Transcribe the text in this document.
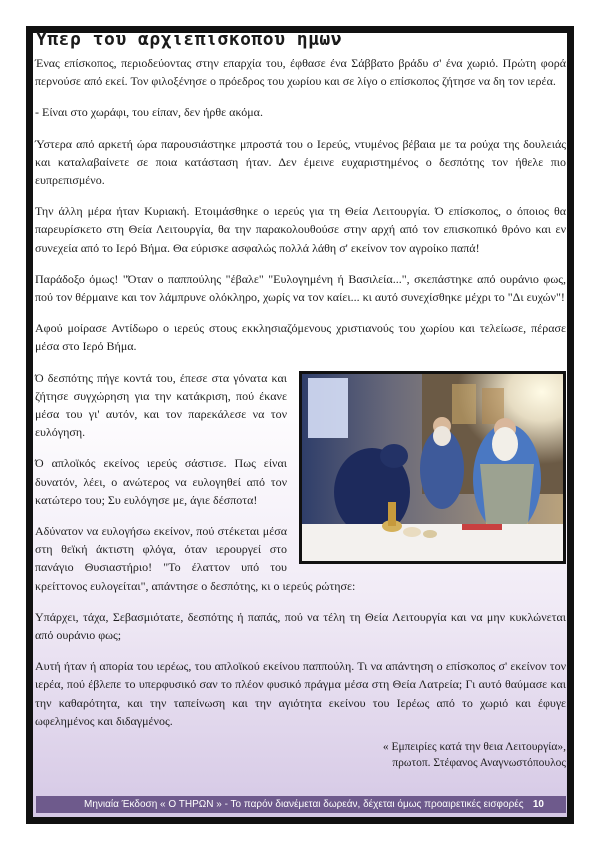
Υπερ του αρχιεπισκοπου ημων

Ένας επίσκοπος, περιοδεύοντας στην επαρχία του, έφθασε ένα Σάββατο βράδυ σ' ένα χωριό. Πρώτη φορά περνούσε από εκεί. Τον φιλοξένησε ο πρόεδρος του χωρίου και σε λίγο ο επίσκοπος ζήτησε να δη τον ιερέα.

- Είναι στο χωράφι, του είπαν, δεν ήρθε ακόμα.

Ύστερα από αρκετή ώρα παρουσιάστηκε μπροστά του ο Ιερεύς, ντυμένος βέβαια με τα ρούχα της δουλειάς και καταλαβαίνετε σε ποια κατάσταση ήταν. Δεν έμεινε ευχαριστημένος ο δεσπότης τον ήθελε πιο ευπρεπισμένο.

Την άλλη μέρα ήταν Κυριακή. Ετοιμάσθηκε ο ιερεύς για τη Θεία Λειτουργία. Ό επίσκοπος, ο όποιος θα παρευρίσκετο στη Θεία Λειτουργία, θα την παρακολουθούσε στην αρχή από τον επισκοπικό θρόνο και εν συνεχεία από το Ιερό Βήμα. Θα εύρισκε ασφαλώς πολλά λάθη σ' εκείνον τον αγροίκο παπά!

Παράδοξο όμως! "Όταν ο παππούλης "έβαλε" "Ευλογημένη ή Βασιλεία...", σκεπάστηκε από ουράνιο φως, πού τον θέρμαινε και τον λάμπρυνε ολόκληρο, χωρίς να τον καίει... κι αυτό συνεχίσθηκε μέχρι το "Δι ευχών"!

Αφού μοίρασε Αντίδωρο ο ιερεύς στους εκκλησιαζόμενους χριστιανούς του χωρίου και τελείωσε, πέρασε μέσα στο Ιερό Βήμα.

Ό δεσπότης πήγε κοντά του, έπεσε στα γόνατα και ζήτησε συγχώρηση για την κατάκριση, πού έκανε μέσα του γι' αυτόν, και τον παρεκάλεσε να τον ευλόγηση.

Ό απλοϊκός εκείνος ιερεύς σάστισε. Πως είναι δυνατόν, λέει, ο ανώτερος να ευλογηθεί από τον κατώτερο του; Συ ευλόγησε με, άγιε δέσποτα!

Αδύνατον να ευλογήσω εκείνον, πού στέκεται μέσα στη θεϊκή άκτιστη φλόγα, όταν ιερουργεί στο πανάγιο Θυσιαστήριο! "Το έλαττον υπό του κρείττονος ευλογείται", απάντησε ο δεσπότης, κι ο ιερεύς ρώτησε:

Υπάρχει, τάχα, Σεβασμιότατε, δεσπότης ή παπάς, πού να τέλη τη Θεία Λειτουργία και να μην κυκλώνεται από ουράνιο φως;

Αυτή ήταν ή απορία του ιερέως, του απλοϊκού εκείνου παππούλη. Τι να απάντηση ο επίσκοπος σ' εκείνον τον ιερέα, πού έβλεπε το υπερφυσικό σαν το πλέον φυσικό πράγμα μέσα στη Θεία Λατρεία; Γι αυτό θαύμασε και την καθαρότητα, και την ταπείνωση και την αγιότητα εκείνου του Ιερέως από το χωριό και έφυγε ωφελημένος και διδαγμένος.

« Εμπειρίες κατά την θεια Λειτουργία»,
πρωτοπ. Στέφανος Αναγνωστόπουλος
Μηνιαία Έκδοση « Ο ΤΗΡΩΝ » - Το παρόν διανέμεται δωρεάν, δέχεται όμως προαιρετικές εισφορές 10
